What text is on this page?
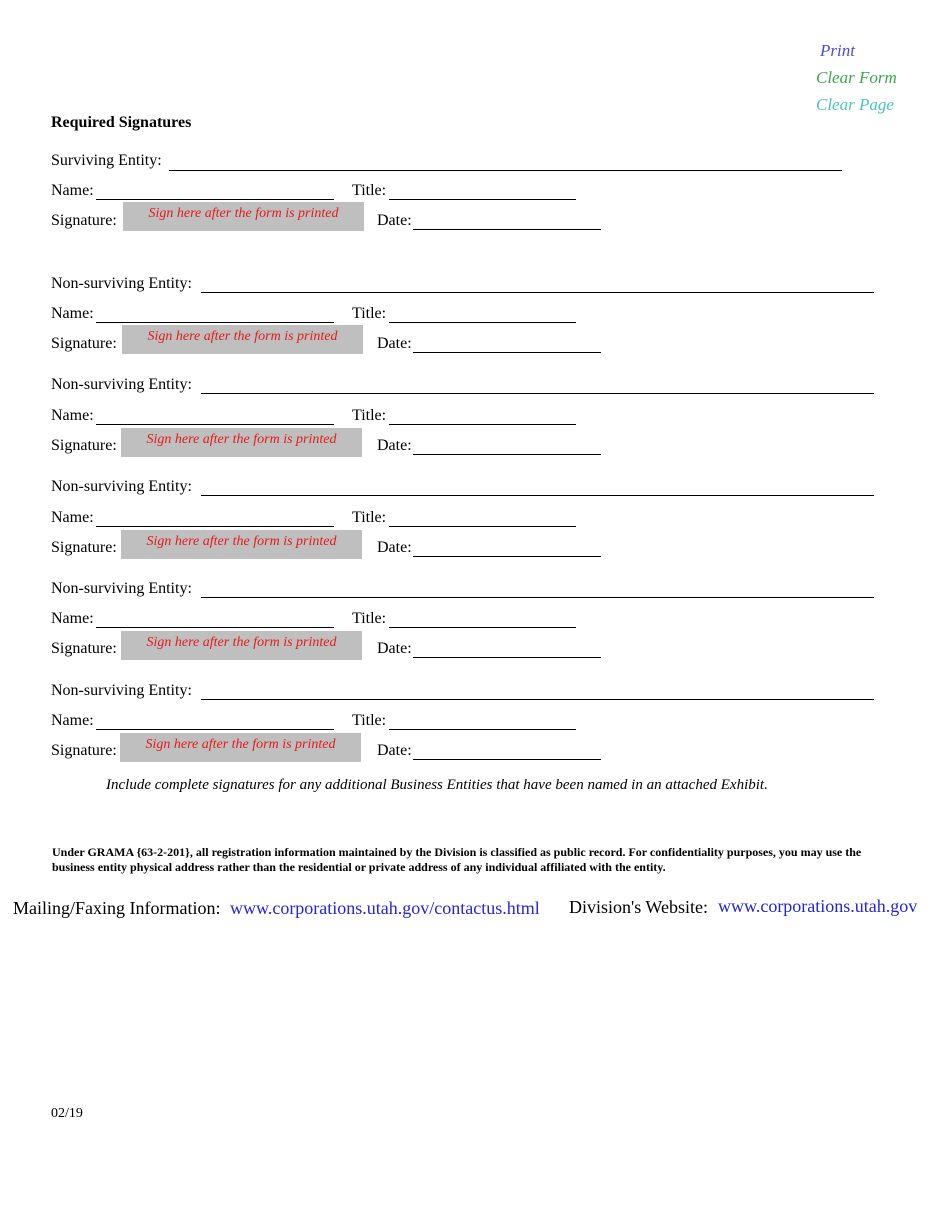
Print
Clear Form
Clear Page
Required Signatures
Surviving Entity:
Name:	Title:
Signature:	Sign here after the form is printed	Date:
Non-surviving Entity:
Name:	Title:
Signature:	Sign here after the form is printed	Date:
Non-surviving Entity:
Name:	Title:
Signature:	Sign here after the form is printed	Date:
Non-surviving Entity:
Name:	Title:
Signature:	Sign here after the form is printed	Date:
Non-surviving Entity:
Name:	Title:
Signature:	Sign here after the form is printed	Date:
Non-surviving Entity:
Name:	Title:
Signature:	Sign here after the form is printed	Date:
Include complete signatures for any additional Business Entities that have been named in an attached Exhibit.
Under GRAMA {63-2-201}, all registration information maintained by the Division is classified as public record. For confidentiality purposes, you may use the business entity physical address rather than the residential or private address of any individual affiliated with the entity.
Mailing/Faxing Information: www.corporations.utah.gov/contactus.html Division's Website: www.corporations.utah.gov
02/19
